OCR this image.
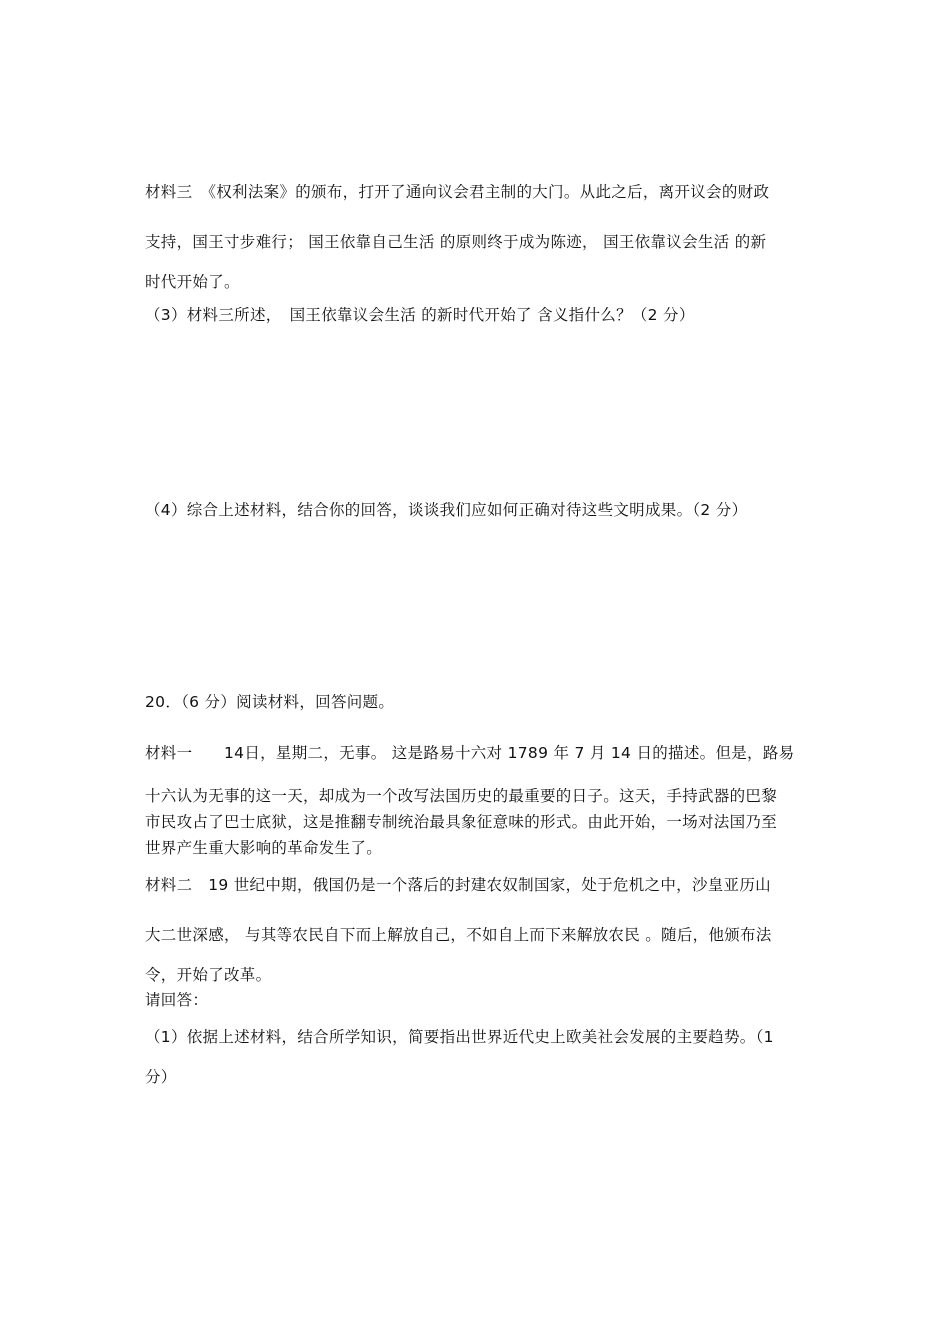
材料三　《权利法案》的颁布，打开了通向议会君主制的大门。从此之后，离开议会的财政
支持，国王寸步难行； 国王依靠自己生活 的原则终于成为陈迹， 国王依靠议会生活 的新
时代开始了。
（3）材料三所述，　国王依靠议会生活 的新时代开始了 含义指什么？（2 分）
（4）综合上述材料，结合你的回答，谈谈我们应如何正确对待这些文明成果。（2 分）
20．（6 分）阅读材料，回答问题。
材料一　　14日，星期二，无事。 这是路易十六对 1789 年 7 月 14 日的描述。但是，路易
十六认为无事的这一天，却成为一个改写法国历史的最重要的日子。这天，手持武器的巴黎
市民攻占了巴士底狱，这是推翻专制统治最具象征意味的形式。由此开始，一场对法国乃至
世界产生重大影响的革命发生了。
材料二　19 世纪中期，俄国仍是一个落后的封建农奴制国家，处于危机之中，沙皇亚历山
大二世深感， 与其等农民自下而上解放自己，不如自上而下来解放农民 。随后，他颁布法
令，开始了改革。
请回答：
（1）依据上述材料，结合所学知识，简要指出世界近代史上欧美社会发展的主要趋势。（1
分）
